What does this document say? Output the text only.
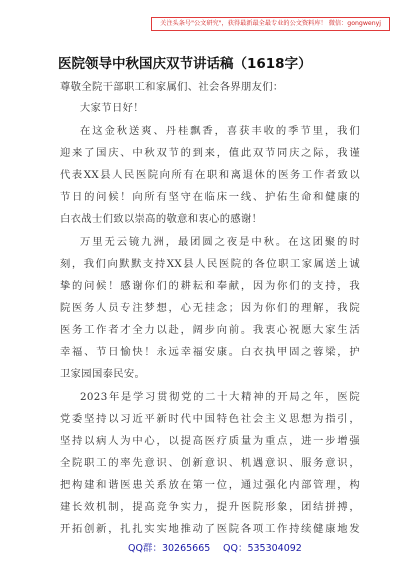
关注头条号"公文研究"，获得最新最全最专业的公文资料库！ 微信：gongwenyj
医院领导中秋国庆双节讲话稿（1618字）
尊敬全院干部职工和家属们、社会各界朋友们：
大家节日好！
在这金秋送爽、丹桂飘香，喜获丰收的季节里，我们
迎来了国庆、中秋双节的到来，值此双节同庆之际，我谨
代表XX县人民医院向所有在职和离退休的医务工作者致以
节日的问候！向所有坚守在临床一线、护佑生命和健康的
白衣战士们致以崇高的敬意和衷心的感谢！
万里无云镜九洲，最团圆之夜是中秋。在这团聚的时
刻，我们向默默支持XX县人民医院的各位职工家属送上诚
挚的问候！感谢你们的耕耘和奉献，因为你们的支持，我
院医务人员专注梦想，心无挂念；因为你们的理解，我院
医务工作者才全力以赴，阔步向前。我衷心祝愿大家生活
幸福、节日愉快！永远幸福安康。白衣执甲固之蓉梁，护
卫家园国泰民安。
2023年是学习贯彻党的二十大精神的开局之年，医院
党委坚持以习近平新时代中国特色社会主义思想为指引，
坚持以病人为中心，以提高医疗质量为重点，进一步增强
全院职工的率先意识、创新意识、机遇意识、服务意识，
把构建和谐医患关系放在第一位，通过强化内部管理，构
建长效机制，提高竞争实力，提升医院形象，团结拼搏，
开拓创新，扎扎实实地推动了医院各项工作持续健康地发
QQ群：30265665 QQ：535304092
